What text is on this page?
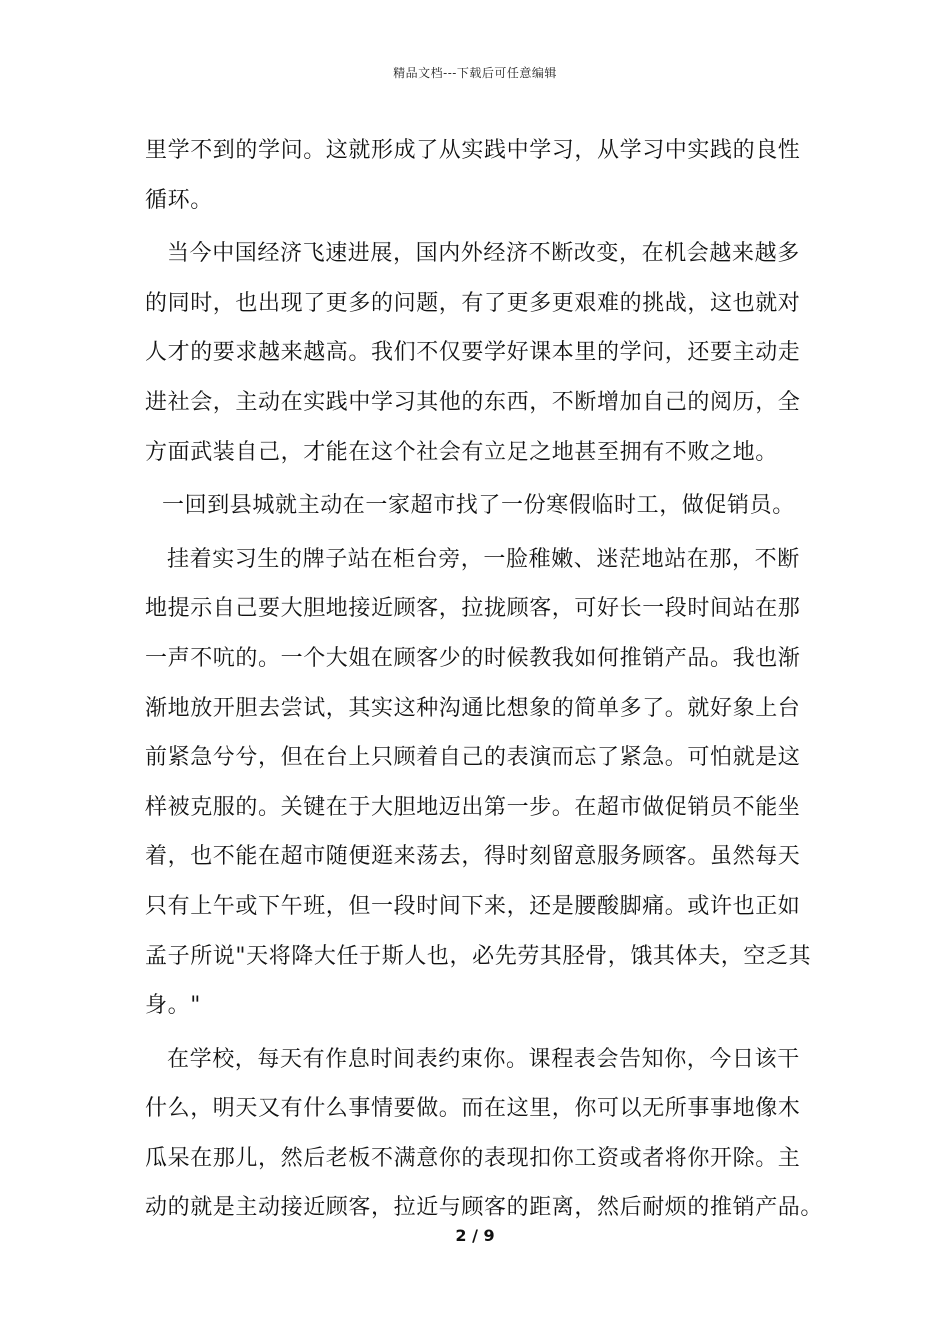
精品文档---下载后可任意编辑
里学不到的学问。这就形成了从实践中学习，从学习中实践的良性
循环。
当今中国经济飞速进展，国内外经济不断改变，在机会越来越多
的同时，也出现了更多的问题，有了更多更艰难的挑战，这也就对
人才的要求越来越高。我们不仅要学好课本里的学问，还要主动走
进社会，主动在实践中学习其他的东西，不断增加自己的阅历，全
方面武装自己，才能在这个社会有立足之地甚至拥有不败之地。
一回到县城就主动在一家超市找了一份寒假临时工，做促销员。
挂着实习生的牌子站在柜台旁，一脸稚嫩、迷茫地站在那，不断
地提示自己要大胆地接近顾客，拉拢顾客，可好长一段时间站在那
一声不吭的。一个大姐在顾客少的时候教我如何推销产品。我也渐
渐地放开胆去尝试，其实这种沟通比想象的简单多了。就好象上台
前紧急兮兮，但在台上只顾着自己的表演而忘了紧急。可怕就是这
样被克服的。关键在于大胆地迈出第一步。在超市做促销员不能坐
着，也不能在超市随便逛来荡去，得时刻留意服务顾客。虽然每天
只有上午或下午班，但一段时间下来，还是腰酸脚痛。或许也正如
孟子所说"天将降大任于斯人也，必先劳其胫骨，饿其体夫，空乏其
身。"
在学校，每天有作息时间表约束你。课程表会告知你，今日该干
什么，明天又有什么事情要做。而在这里，你可以无所事事地像木
瓜呆在那儿，然后老板不满意你的表现扣你工资或者将你开除。主
动的就是主动接近顾客，拉近与顾客的距离，然后耐烦的推销产品。
2 / 9
